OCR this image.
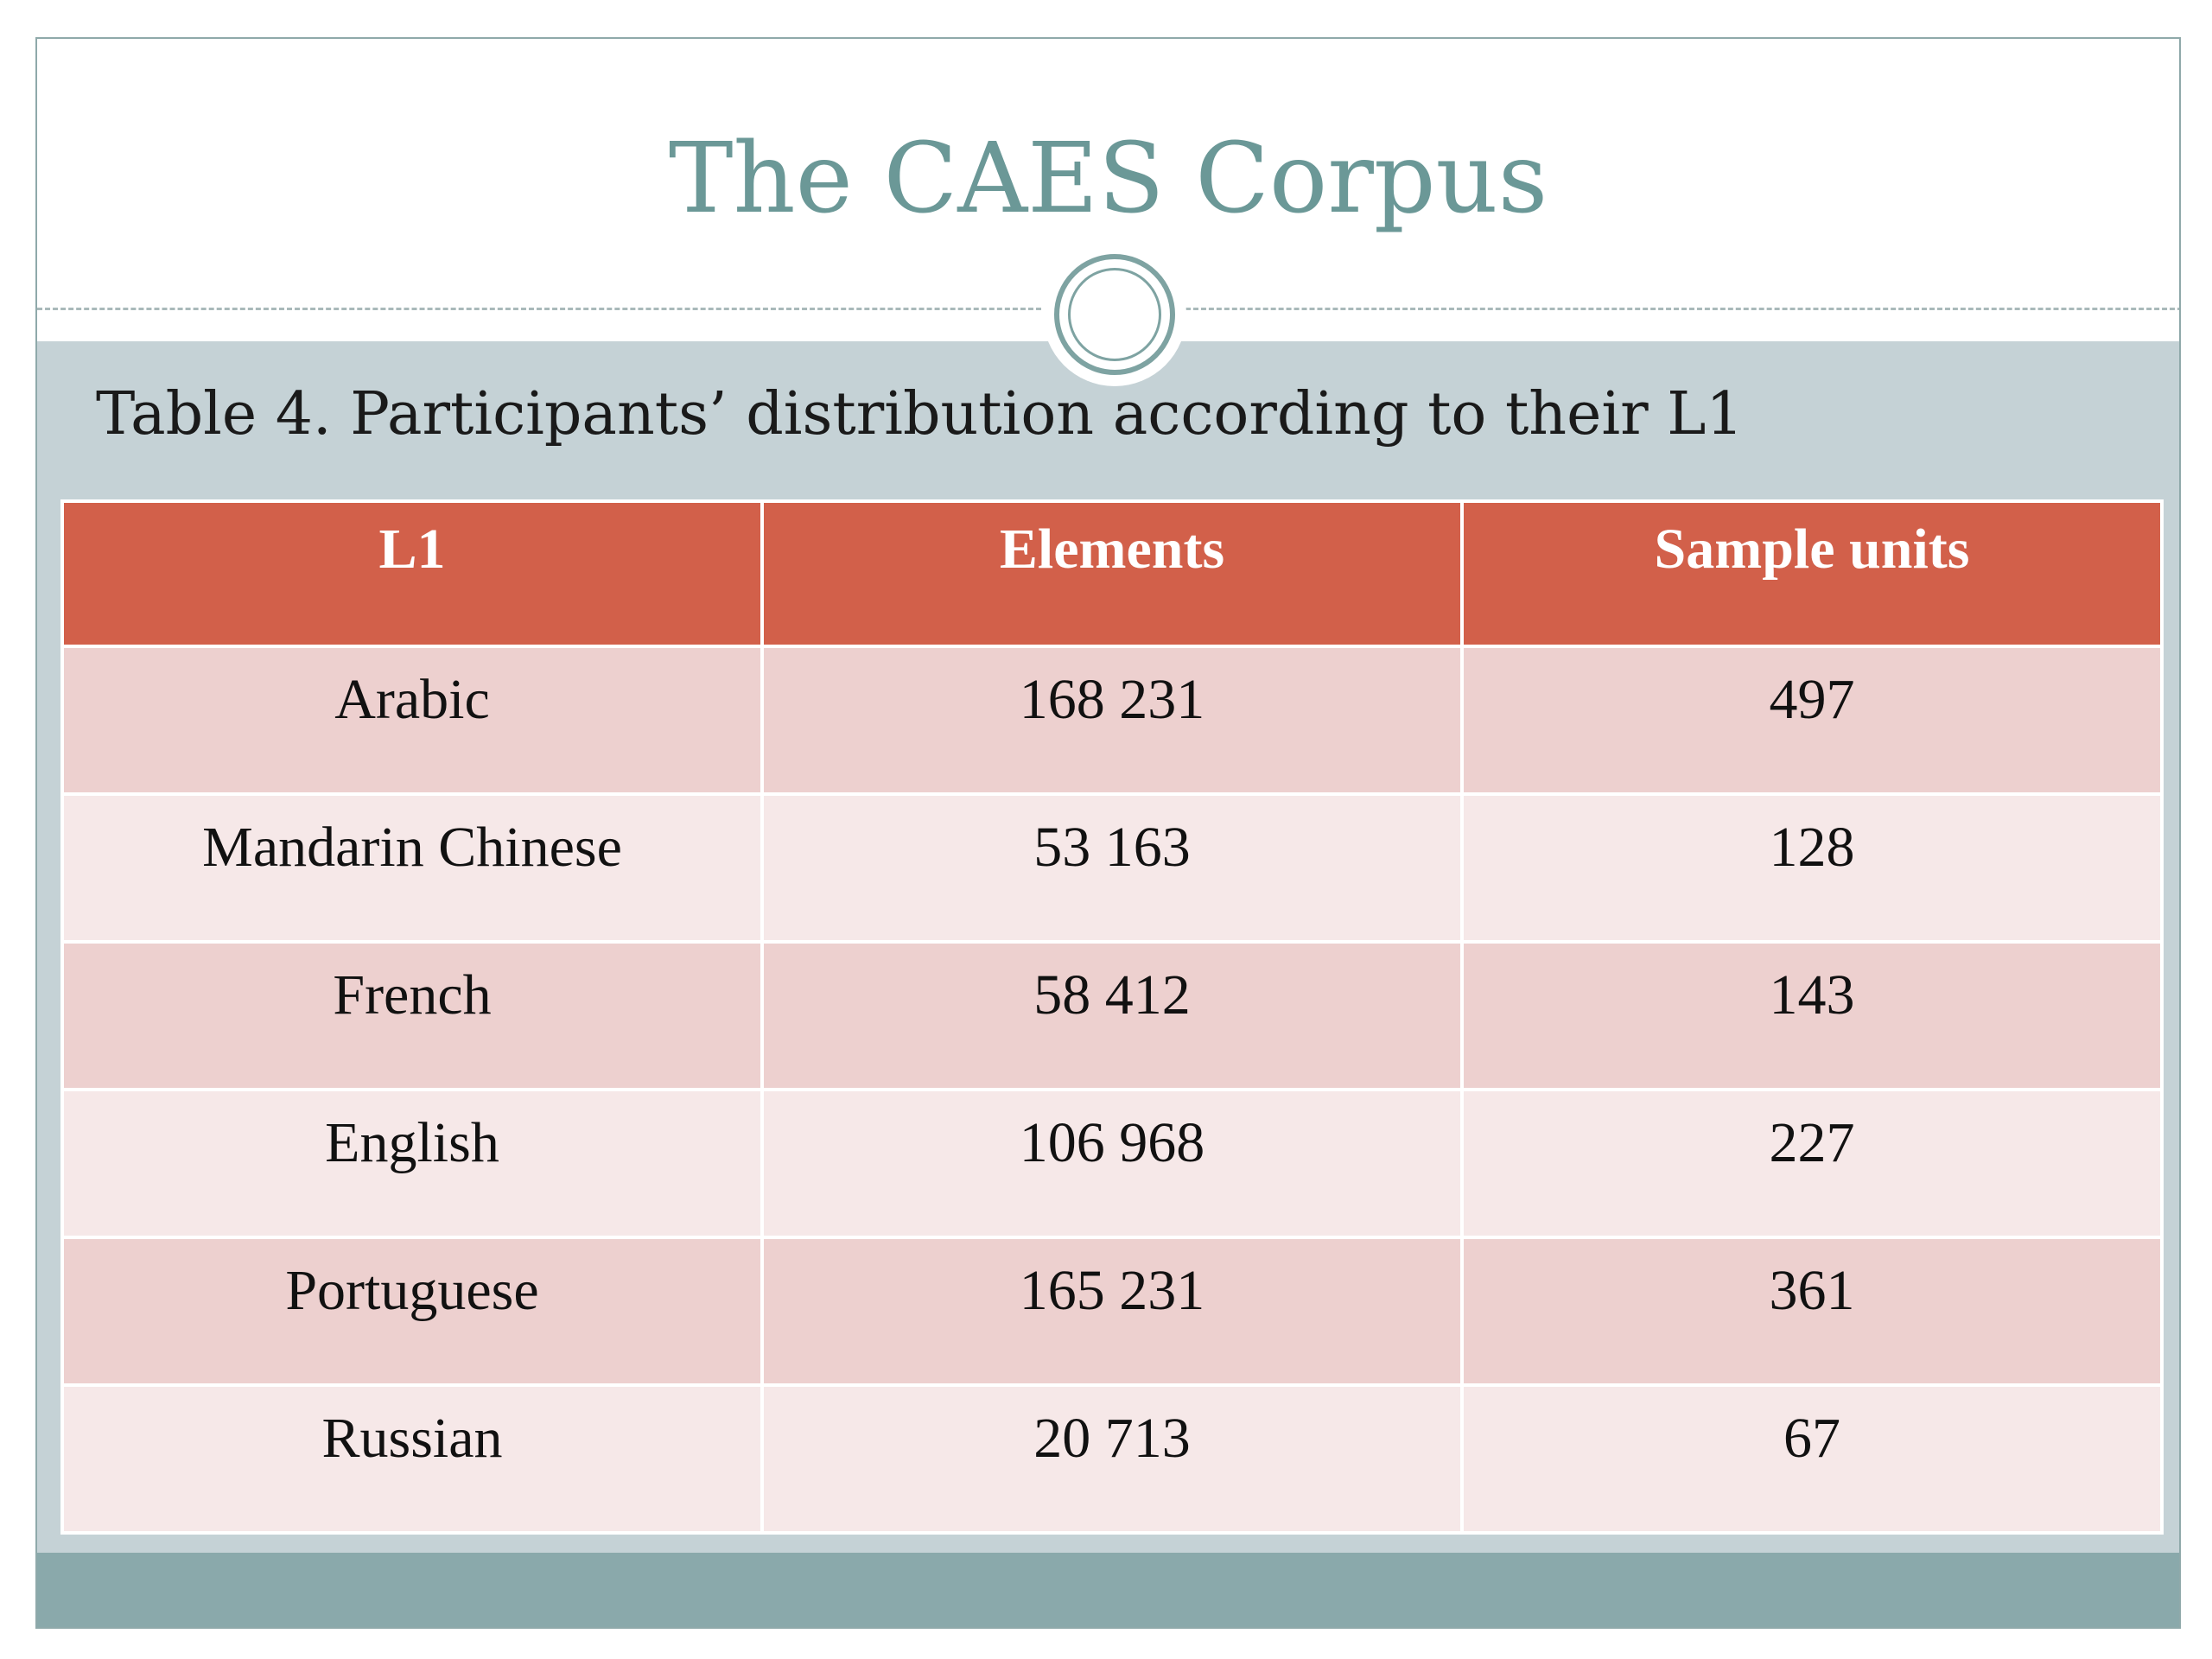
The CAES Corpus

Table 4. Participants’ distribution according to their L1

L1	Elements	Sample units
Arabic	168 231	497
Mandarin Chinese	53 163	128
French	58 412	143
English	106 968	227
Portuguese	165 231	361
Russian	20 713	67
